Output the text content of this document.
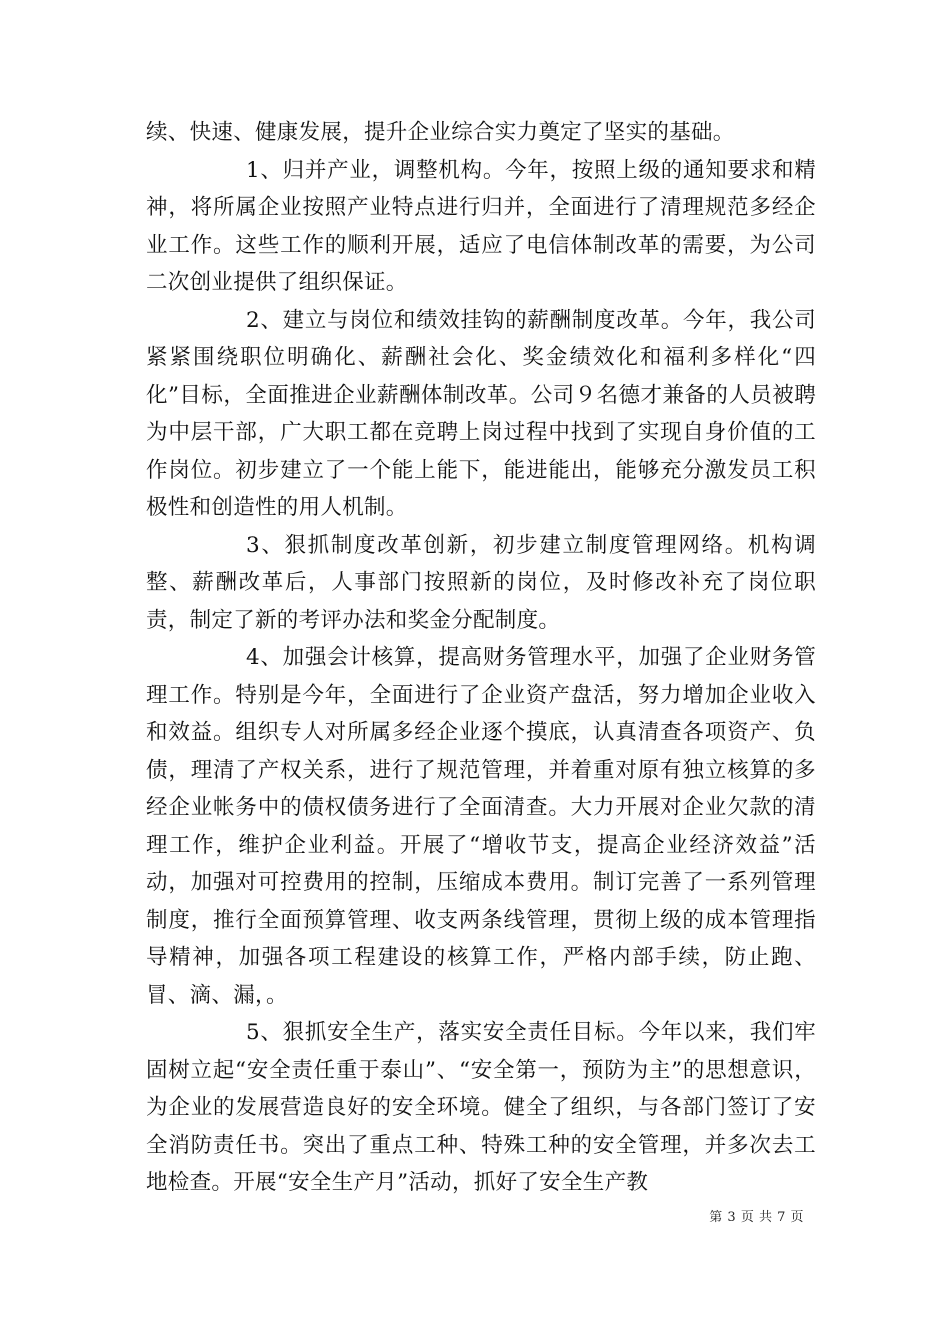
续、快速、健康发展，提升企业综合实力奠定了坚实的基础。

1、归并产业，调整机构。今年，按照上级的通知要求和精神，将所属企业按照产业特点进行归并，全面进行了清理规范多经企业工作。这些工作的顺利开展，适应了电信体制改革的需要，为公司二次创业提供了组织保证。

2、建立与岗位和绩效挂钩的薪酬制度改革。今年，我公司紧紧围绕职位明确化、薪酬社会化、奖金绩效化和福利多样化“四化”目标，全面推进企业薪酬体制改革。公司９名德才兼备的人员被聘为中层干部，广大职工都在竞聘上岗过程中找到了实现自身价值的工作岗位。初步建立了一个能上能下，能进能出，能够充分激发员工积极性和创造性的用人机制。

3、狠抓制度改革创新，初步建立制度管理网络。机构调整、薪酬改革后，人事部门按照新的岗位，及时修改补充了岗位职责，制定了新的考评办法和奖金分配制度。

4、加强会计核算，提高财务管理水平，加强了企业财务管理工作。特别是今年，全面进行了企业资产盘活，努力增加企业收入和效益。组织专人对所属多经企业逐个摸底，认真清查各项资产、负债，理清了产权关系，进行了规范管理，并着重对原有独立核算的多经企业帐务中的债权债务进行了全面清查。大力开展对企业欠款的清理工作，维护企业利益。开展了“增收节支，提高企业经济效益”活动，加强对可控费用的控制，压缩成本费用。制订完善了一系列管理制度，推行全面预算管理、收支两条线管理，贯彻上级的成本管理指导精神，加强各项工程建设的核算工作，严格内部手续，防止跑、冒、滴、漏，。

5、狠抓安全生产，落实安全责任目标。今年以来，我们牢固树立起“安全责任重于泰山”、“安全第一，预防为主”的思想意识，为企业的发展营造良好的安全环境。健全了组织，与各部门签订了安全消防责任书。突出了重点工种、特殊工种的安全管理，并多次去工地检查。开展“安全生产月”活动，抓好了安全生产教

第 3 页 共 7 页
